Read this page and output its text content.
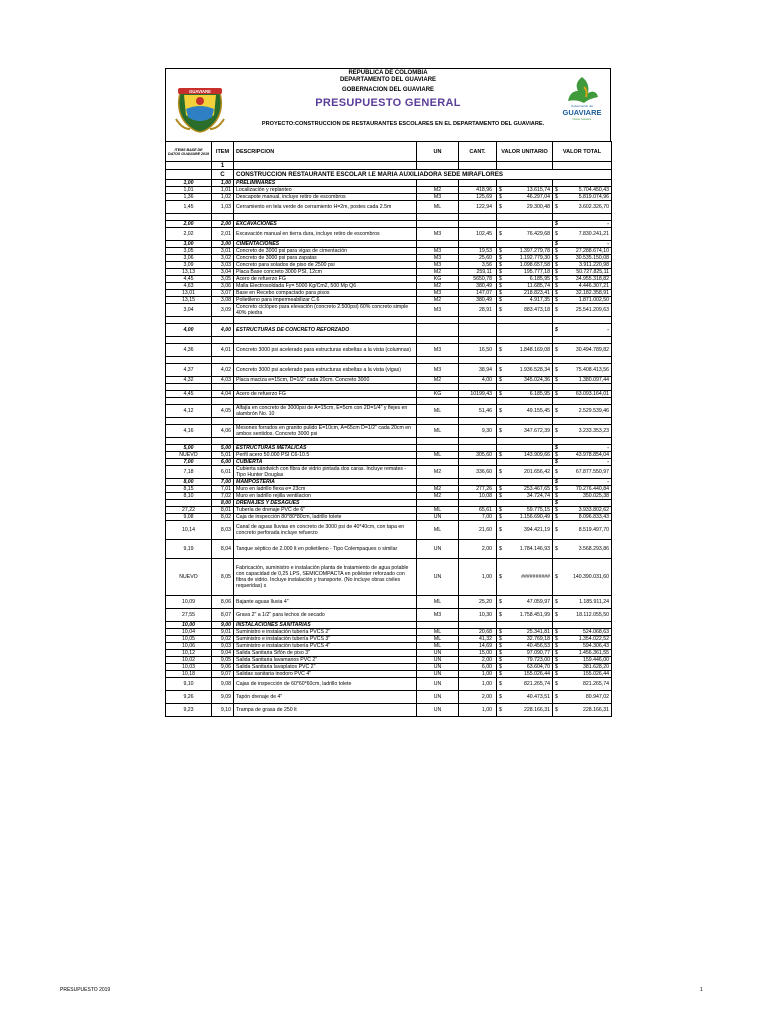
GUAVIARE
REPUBLICA DE COLOMBIA
DEPARTAMENTO DEL GUAVIARE
GOBERNACION DEL GUAVIARE
PRESUPUESTO GENERAL
PROYECTO:CONSTRUCCION DE RESTAURANTES ESCOLARES EN EL DEPARTAMENTO DEL GUAVIARE.
Gobernación del
GUAVIARE
Nuevo Guaviare
ITEMS BASE DE DATOS GUAVIARE 2019	ITEM	DESCRIPCION	UN	CANT.	VALOR UNITARIO	VALOR TOTAL
	1					
	C	CONSTRUCCION RESTAURANTE ESCOLAR I.E MARIA AUXILIADORA SEDE MIRAFLORES				
1,00	1,00	PRELIMINARES				
1,01	1,01	Localización y replanteo	M2	418,96	$ 13.615,74	$ 5.704.450,43

1,36	1,02	Descapote manual, incluye retiro de escombros	M3	125,69	$ 46.297,04	$ 5.819.074,96

1,45	1,03	Cerramiento en tela verde de cerramiento H=2m, postes cada 2.5m	ML	122,94	$ 29.300,48	$ 3.602.326,70

2,00	2,00	EXCAVACIONES				$ -

2,02	2,01	Excavación manual en tierra dura, incluye retiro de escombros	M3	102,45	$ 76.429,68	$ 7.830.241,21

3,00	3,00	CIMENTACIONES				$ -

3,05	3,01	Concreto de 3000 psi para vigas de cimentación	M3	19,53	$ 1.397.279,78	$ 27.288.674,10

3,06	3,02	Concreto de 3000 psi para zapatas	M3	25,60	$ 1.192.779,30	$ 30.535.150,08

3,09	3,03	Concreto para solados de piso de 2500 psi	M3	3,56	$ 1.098.657,58	$ 3.911.220,98

13,13	3,04	Placa Base concreto 3000 PSI, 12cm	M2	259,11	$ 195.777,18	$ 50.727.825,11

4,45	3,05	Acero de refuerzo FG	KG	5650,78	$ 6.185,95	$ 34.955.318,82

4,63	3,06	Malla Electrosoldada Fy= 5000 Kg/Cm2, 500 Mp Q6	M2	380,49	$ 11.685,74	$ 4.446.307,21

13,01	3,07	Base en Recebo compactado para pisos	M3	147,07	$ 218.823,41	$ 32.182.358,91

13,15	3,08	Polietileno para impermeabilizar C.6	M2	380,49	$ 4.917,35	$ 1.871.002,50

3,04	3,09	Concreto ciclópeo para elevación (concreto 2.500psi) 60% concreto simple 40% piedra	M3	28,91	$ 883.473,18	$ 25.541.209,63

4,00	4,00	ESTRUCTURAS DE CONCRETO REFORZADO				$ -

4,36	4,01	Concreto 3000 psi acelerado para estructuras esbeltas a la vista (columnas)	M3	16,50	$ 1.848.169,08	$ 30.494.789,82

4,37	4,02	Concreto 3000 psi acelerado para estructuras esbeltas a la vista (vigas)	M3	38,94	$ 1.936.528,34	$ 75.408.413,56

4,32	4,03	Placa maciza e=15cm, D=1/2" cada 20cm. Concreto 3000	M2	4,00	$ 345.024,36	$ 1.380.097,44

4,45	4,04	Acero de refuerzo FG	KG	10199,43	$ 6.185,95	$ 63.093.164,01

4,12	4,05	Alfajía en concreto de 3000psi de A=15cm, E=5cm con 2D=1/4" y flejes en alambrón No. 10	ML	51,46	$ 49.155,45	$ 2.529.539,46

4,16	4,06	Mesones forrados en granito pulido E=10cm, A=65cm D=1/2" cada 20cm en ambos sentidos. Concreto 3000 psi	ML	9,30	$ 347.672,39	$ 3.233.353,23

5,00	5,00	ESTRUCTURAS METALICAS				$ -

NUEVO	5,01	Perfil acero 50.000 PSI C6-10.5	ML	305,60	$ 143.909,66	$ 43.978.854,04

7,00	6,00	CUBIERTA				$ -

7,18	6,01	Cubierta sándwich con fibra de vidrio pintada dos caras. Incluye remates - Tipo Hunter Douglas	M2	336,60	$ 201.656,42	$ 67.877.550,97

8,00	7,00	MAMPOSTERIA				$ -

8,15	7,01	Muro en ladrillo flexa e= 23cm	M2	277,26	$ 253.467,65	$ 70.276.440,84

8,10	7,02	Muro en ladrillo rejilla ventilacion	M2	10,08	$ 34.724,74	$ 350.025,38

	8,00	DRENAJES Y DESAGUES				$

27,22	8,01	Tubería de drenaje PVC de 6"	ML	65,61	$ 59.775,15	$ 3.933.802,62

9,08	8,02	Caja de inspección 80*80*80cm, ladrillo tolete	UN	7,00	$ 1.156.690,49	$ 8.096.833,43

10,14	8,03	Canal de aguas lluvias en concreto de 3000 psi de 40*40cm, con tapa en concreto perforada incluye refuerzo	ML	21,60	$ 394.421,19	$ 8.519.497,70

9,19	8,04	Tanque séptico de 2.000 lt en polietileno - Tipo Colempaques o similar	UN	2,00	$ 1.784.146,93	$ 3.568.293,86

NUEVO	8,05	Fabricación, suministro e instalación planta de tratamiento de agua potable con capacidad de 0,25 LPS, SEMICOMPACTA en poliéster reforzado con fibra de vidrio. Incluye instalación y transporte. (No incluye obras civiles requeridas) s	UN	1,00	$ ##########	$ 140.390.031,60

10,09	8,06	Bajante aguas lluvia 4"	ML	25,20	$ 47.059,97	$ 1.185.911,24

27,55	8,07	Grava 2" a 1/2" para lechos de secado	M3	10,30	$ 1.758.451,99	$ 18.112.055,50

10,00	9,00	INSTALACIONES SANITARIAS				
10,04	9,01	Suministro e instalación tubería PVCS 2"	ML	20,68	$ 25.341,81	$ 524.068,63

10,05	9,02	Suministro e instalación tubería PVCS 3"	ML	41,32	$ 32.769,18	$ 1.354.022,52

10,06	9,03	Suministro e instalación tubería PVCS 4"	ML	14,69	$ 40.456,53	$ 594.306,43

10,12	9,04	Salida Sanitaria Sifón de piso 3"	UN	15,00	$ 97.090,77	$ 1.456.361,55

10,02	9,05	Salida Sanitaria lavamanos PVC 2"	UN	2,00	$ 79.723,00	$ 159.446,00

10,03	9,06	Salida Sanitaria lavaplatos PVC 2"	UN	6,00	$ 63.604,70	$ 381.628,20

10,18	9,07	Salidas sanitaria inodoro PVC 4"	UN	1,00	$ 155.026,44	$ 155.026,44

9,10	9,08	Cajas de inspección de 60*60*60cm, ladrillo tolete	UN	1,00	$ 821.265,74	$ 821.265,74

9,26	9,09	Tapón drenaje de 4"	UN	2,00	$ 40.473,51	$ 80.947,02

9,23	9,10	Trampa de grasa de 250 lt	UN	1,00	$ 228.166,31	$ 228.166,31
PRESUPUESTO 2019	1
